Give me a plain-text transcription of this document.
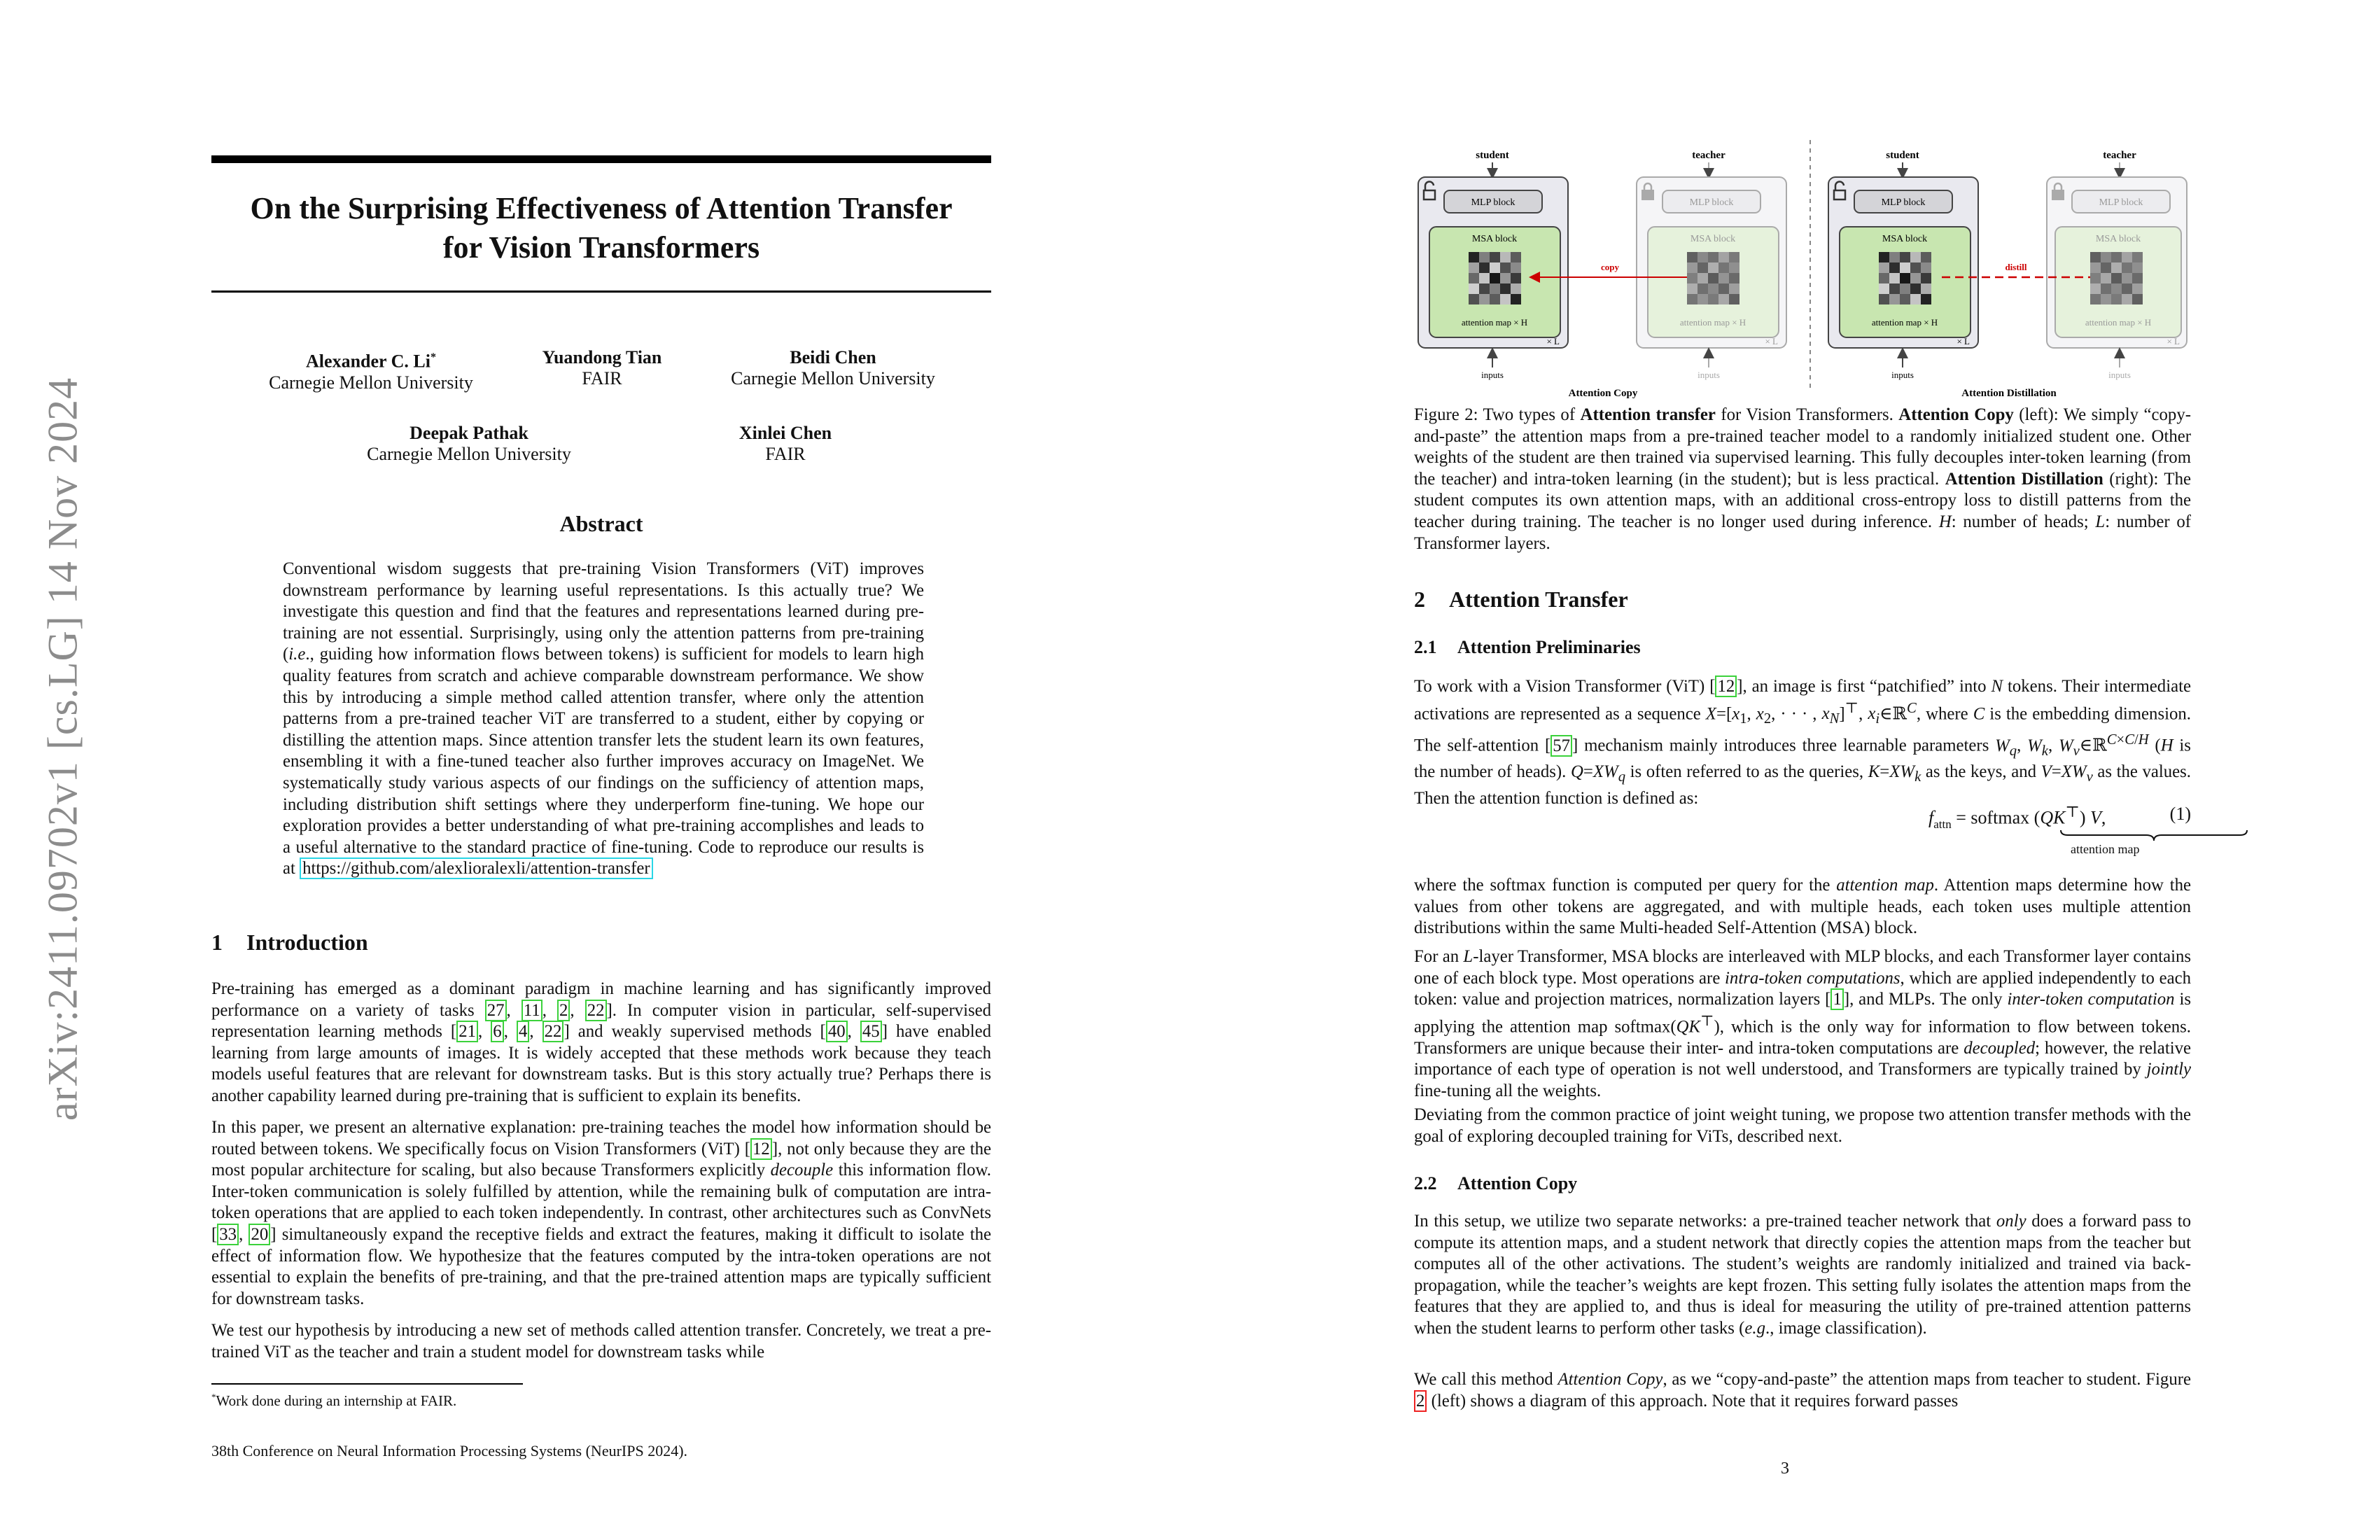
arXiv:2411.09702v1 [cs.LG] 14 Nov 2024
On the Surprising Effectiveness of Attention Transfer
for Vision Transformers
Alexander C. Li*
Carnegie Mellon University
Yuandong Tian
FAIR
Beidi Chen
Carnegie Mellon University
Deepak Pathak
Carnegie Mellon University
Xinlei Chen
FAIR
Abstract
Conventional wisdom suggests that pre-training Vision Transformers (ViT) improves downstream performance by learning useful representations. Is this actually true? We investigate this question and find that the features and representations learned during pre-training are not essential. Surprisingly, using only the attention patterns from pre-training (i.e., guiding how information flows between tokens) is sufficient for models to learn high quality features from scratch and achieve comparable downstream performance. We show this by introducing a simple method called attention transfer, where only the attention patterns from a pre-trained teacher ViT are transferred to a student, either by copying or distilling the attention maps. Since attention transfer lets the student learn its own features, ensembling it with a fine-tuned teacher also further improves accuracy on ImageNet. We systematically study various aspects of our findings on the sufficiency of attention maps, including distribution shift settings where they underperform fine-tuning. We hope our exploration provides a better understanding of what pre-training accomplishes and leads to a useful alternative to the standard practice of fine-tuning. Code to reproduce our results is at https://github.com/alexlioralexli/attention-transfer
1 Introduction
Pre-training has emerged as a dominant paradigm in machine learning and has significantly improved performance on a variety of tasks 27 , 11 , 2 , 22 ]. In computer vision in particular, self-supervised representation learning methods [ 21 , 6 , 4 , 22 ] and weakly supervised methods [ 40 , 45 ] have enabled learning from large amounts of images. It is widely accepted that these methods work because they teach models useful features that are relevant for downstream tasks. But is this story actually true? Perhaps there is another capability learned during pre-training that is sufficient to explain its benefits.
In this paper, we present an alternative explanation: pre-training teaches the model how information should be routed between tokens. We specifically focus on Vision Transformers (ViT) [ 12 ], not only because they are the most popular architecture for scaling, but also because Transformers explicitly decouple this information flow. Inter-token communication is solely fulfilled by attention, while the remaining bulk of computation are intra-token operations that are applied to each token independently. In contrast, other architectures such as ConvNets [ 33 , 20 ] simultaneously expand the receptive fields and extract the features, making it difficult to isolate the effect of information flow. We hypothesize that the features computed by the intra-token operations are not essential to explain the benefits of pre-training, and that the pre-trained attention maps are typically sufficient for downstream tasks.
We test our hypothesis by introducing a new set of methods called attention transfer. Concretely, we treat a pre-trained ViT as the teacher and train a student model for downstream tasks while
*Work done during an internship at FAIR.
38th Conference on Neural Information Processing Systems (NeurIPS 2024).
student
MLP block
MSA block
attention map × H
× L
inputs
teacher
MLP block
MSA block
attention map × H
× L
inputs
copy
Attention Copy
student
MLP block
MSA block
attention map × H
× L
inputs
teacher
MLP block
MSA block
attention map × H
× L
inputs
distill
Attention Distillation
Figure 2: Two types of Attention transfer for Vision Transformers. Attention Copy (left): We simply “copy-and-paste” the attention maps from a pre-trained teacher model to a randomly initialized student one. Other weights of the student are then trained via supervised learning. This fully decouples inter-token learning (from the teacher) and intra-token learning (in the student); but is less practical. Attention Distillation (right): The student computes its own attention maps, with an additional cross-entropy loss to distill patterns from the teacher during training. The teacher is no longer used during inference. H: number of heads; L: number of Transformer layers.
2 Attention Transfer
2.1 Attention Preliminaries
To work with a Vision Transformer (ViT) [ 12 ], an image is first “patchified” into N tokens. Their intermediate activations are represented as a sequence $X=[x_1$, $x_2$, · · · , $x_N]^⊤$, $x_i\in ℝ^C$, where C is the embedding dimension. The self-attention [ 57 ] mechanism mainly introduces three learnable parameters $W_q$, $W_k$, $W_v\in ℝ^{C\times C/H}$ (H is the number of heads). $Q=XW_q$ is often referred to as the queries, $K=XW_k$ as the keys, and $V=XW_v$ as the values. Then the attention function is defined as:
$f_{attn}$ = softmax (QK⊤) V,
attention map
(1)
where the softmax function is computed per query for the attention map. Attention maps determine how the values from other tokens are aggregated, and with multiple heads, each token uses multiple attention distributions within the same Multi-headed Self-Attention (MSA) block.
For an L-layer Transformer, MSA blocks are interleaved with MLP blocks, and each Transformer layer contains one of each block type. Most operations are intra-token computations, which are applied independently to each token: value and projection matrices, normalization layers [ 1 ], and MLPs. The only inter-token computation is applying the attention map softmax(QK⊤), which is the only way for information to flow between tokens. Transformers are unique because their inter- and intra-token computations are decoupled; however, the relative importance of each type of operation is not well understood, and Transformers are typically trained by jointly fine-tuning all the weights.
Deviating from the common practice of joint weight tuning, we propose two attention transfer methods with the goal of exploring decoupled training for ViTs, described next.
2.2 Attention Copy
In this setup, we utilize two separate networks: a pre-trained teacher network that only does a forward pass to compute its attention maps, and a student network that directly copies the attention maps from the teacher but computes all of the other activations. The student’s weights are randomly initialized and trained via back-propagation, while the teacher’s weights are kept frozen. This setting fully isolates the attention maps from the features that they are applied to, and thus is ideal for measuring the utility of pre-trained attention patterns when the student learns to perform other tasks (e.g., image classification).
We call this method Attention Copy, as we “copy-and-paste” the attention maps from teacher to student. Figure 2 (left) shows a diagram of this approach. Note that it requires forward passes
3
